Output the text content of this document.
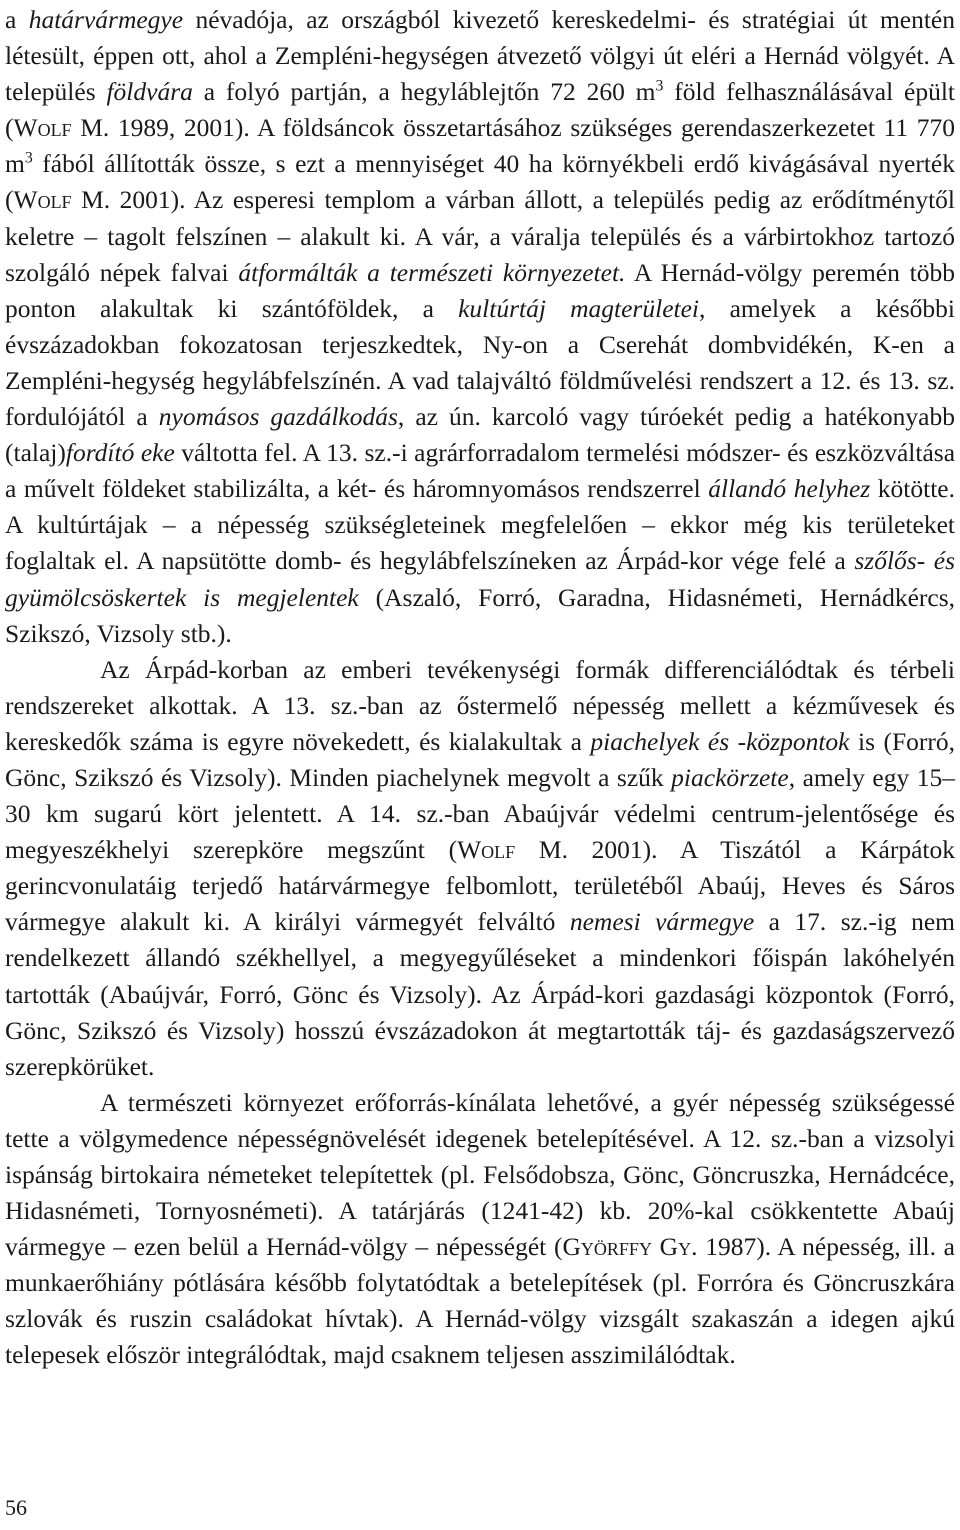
a határvármegye névadója, az országból kivezető kereskedelmi- és stratégiai út mentén létesült, éppen ott, ahol a Zempléni-hegységen átvezető völgyi út eléri a Hernád völgyét. A település földvára a folyó partján, a hegyláblejtőn 72 260 $m^3$ föld felhasználásával épült (Wolf M. 1989, 2001). A földsáncok összetartásához szükséges gerendaszerkezetet 11 770 $m^3$ fából állították össze, s ezt a mennyiséget 40 ha környékbeli erdő kivágásával nyerték (Wolf M. 2001). Az esperesi templom a várban állott, a település pedig az erődítménytől keletre – tagolt felszínen – alakult ki. A vár, a váralja település és a várbirtokhoz tartozó szolgáló népek falvai átformálták a természeti környezetet. A Hernád-völgy peremén több ponton alakultak ki szántóföldek, a kultúrtáj magterületei, amelyek a későbbi évszázadokban fokozatosan terjeszkedtek, Ny-on a Cserehát dombvidékén, K-en a Zempléni-hegység hegylábfelszínén. A vad talajváltó földművelési rendszert a 12. és 13. sz. fordulójától a nyomásos gazdálkodás, az ún. karcoló vagy túróekét pedig a hatékonyabb (talaj)fordító eke váltotta fel. A 13. sz.-i agrárforradalom termelési módszer- és eszközváltása a művelt földeket stabilizálta, a két- és háromnyomásos rendszerrel állandó helyhez kötötte. A kultúrtájak – a népesség szükségleteinek megfelelően – ekkor még kis területeket foglaltak el. A napsütötte domb- és hegylábfelszíneken az Árpád-kor vége felé a szőlős- és gyümölcsöskertek is megjelentek (Aszaló, Forró, Garadna, Hidasnémeti, Hernádkércs, Szikszó, Vizsoly stb.).

Az Árpád-korban az emberi tevékenységi formák differenciálódtak és térbeli rendszereket alkottak. A 13. sz.-ban az őstermelő népesség mellett a kézművesek és kereskedők száma is egyre növekedett, és kialakultak a piachelyek és -központok is (Forró, Gönc, Szikszó és Vizsoly). Minden piachelynek megvolt a szűk piackörzete, amely egy 15–30 km sugarú kört jelentett. A 14. sz.-ban Abaújvár védelmi centrum-jelentősége és megyeszékhelyi szerepköre megszűnt (Wolf M. 2001). A Tiszától a Kárpátok gerincvonulatáig terjedő határvármegye felbomlott, területéből Abaúj, Heves és Sáros vármegye alakult ki. A királyi vármegyét felváltó nemesi vármegye a 17. sz.-ig nem rendelkezett állandó székhellyel, a megyegyűléseket a mindenkori főispán lakóhelyén tartották (Abaújvár, Forró, Gönc és Vizsoly). Az Árpád-kori gazdasági központok (Forró, Gönc, Szikszó és Vizsoly) hosszú évszázadokon át megtartották táj- és gazdaságszervező szerepkörüket.

A természeti környezet erőforrás-kínálata lehetővé, a gyér népesség szükségessé tette a völgymedence népességnövelését idegenek betelepítésével. A 12. sz.-ban a vizsolyi ispánság birtokaira németeket telepítettek (pl. Felsődobsza, Gönc, Göncruszka, Hernádcéce, Hidasnémeti, Tornyosnémeti). A tatárjárás (1241-42) kb. 20%-kal csökkentette Abaúj vármegye – ezen belül a Hernád-völgy – népességét (Györffy Gy. 1987). A népesség, ill. a munkaerőhiány pótlására később folytatódtak a betelepítések (pl. Forróra és Göncruszkára szlovák és ruszin családokat hívtak). A Hernád-völgy vizsgált szakaszán a idegen ajkú telepesek először integrálódtak, majd csaknem teljesen asszimilálódtak.

56
